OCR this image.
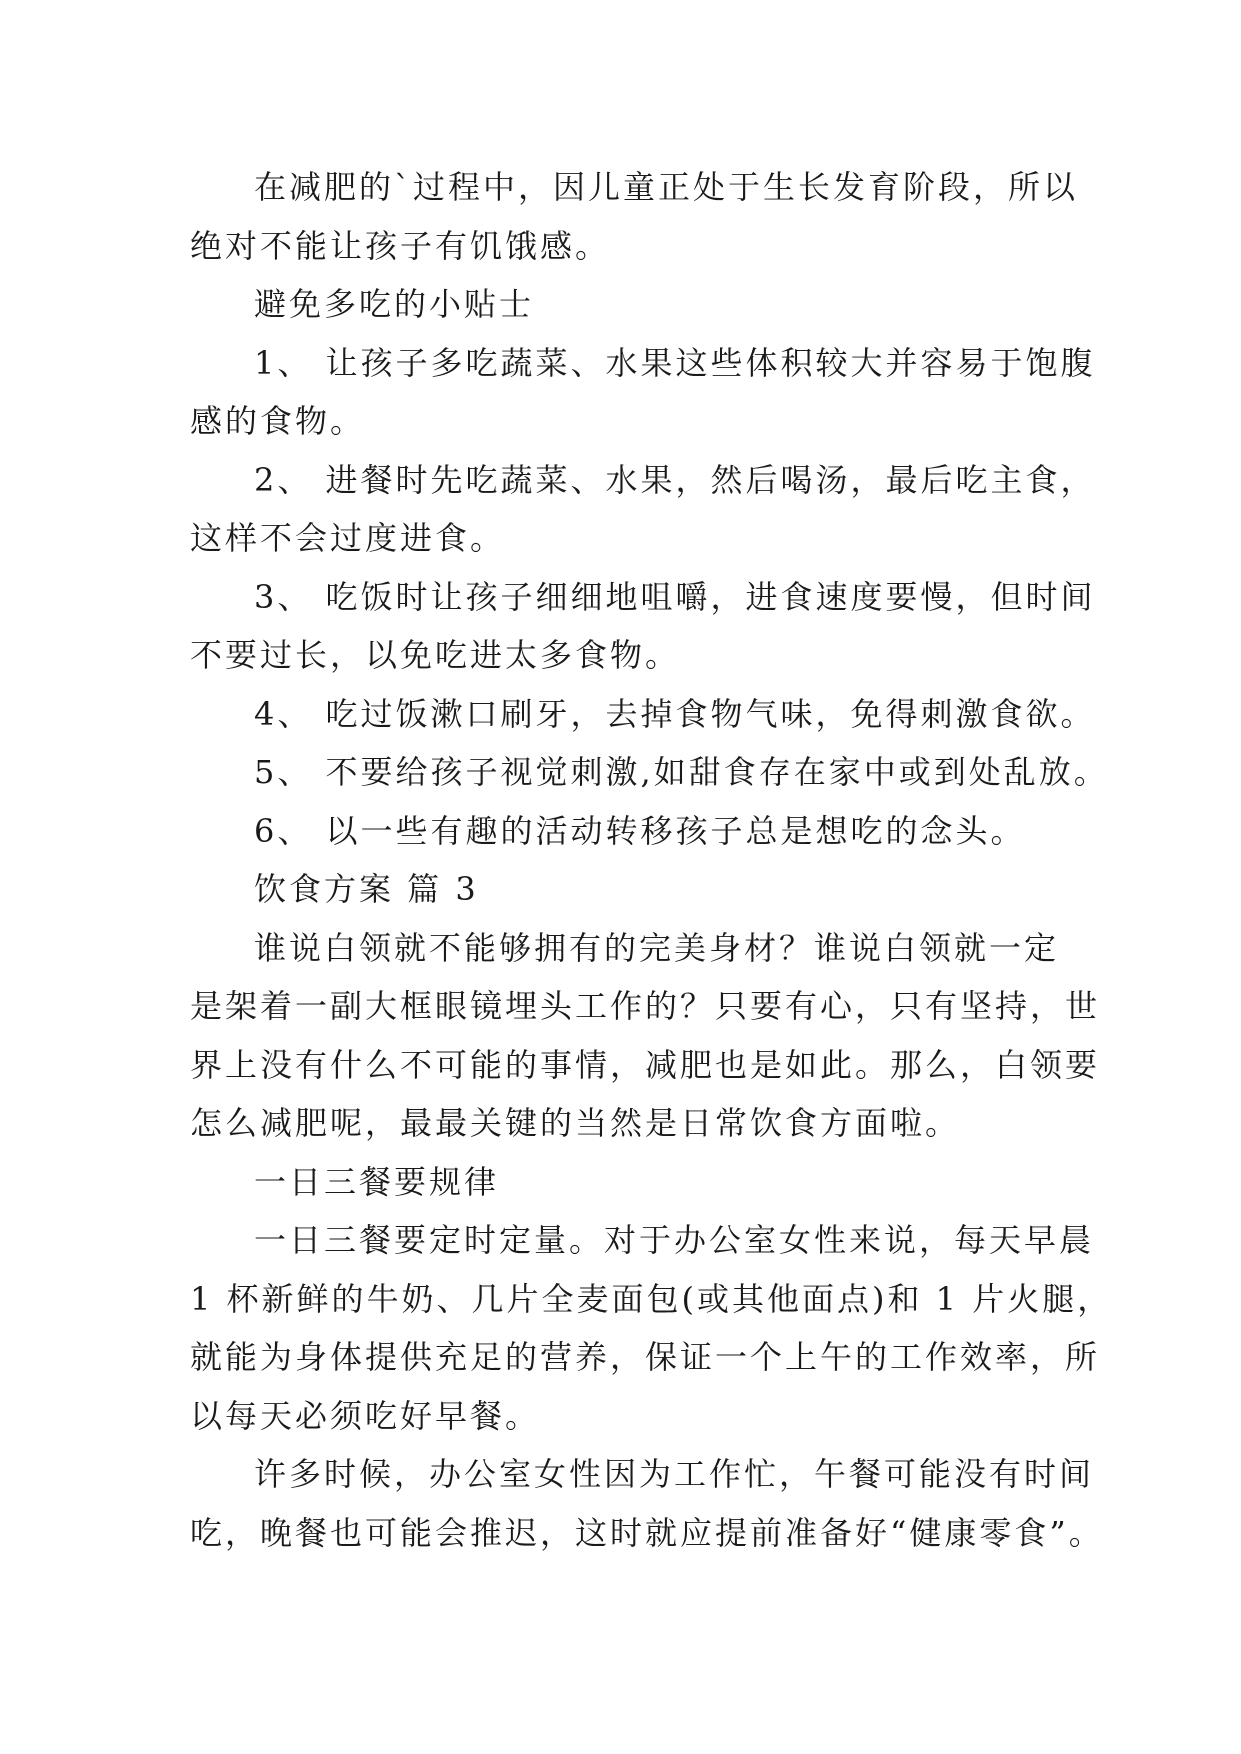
在减肥的`过程中，因儿童正处于生长发育阶段，所以
绝对不能让孩子有饥饿感。
避免多吃的小贴士
1、 让孩子多吃蔬菜、水果这些体积较大并容易于饱腹
感的食物。
2、 进餐时先吃蔬菜、水果，然后喝汤，最后吃主食，
这样不会过度进食。
3、 吃饭时让孩子细细地咀嚼，进食速度要慢，但时间
不要过长，以免吃进太多食物。
4、 吃过饭漱口刷牙，去掉食物气味，免得刺激食欲。
5、 不要给孩子视觉刺激,如甜食存在家中或到处乱放。
6、 以一些有趣的活动转移孩子总是想吃的念头。
饮食方案 篇 3
谁说白领就不能够拥有的完美身材？谁说白领就一定
是架着一副大框眼镜埋头工作的？只要有心，只有坚持，世
界上没有什么不可能的事情，减肥也是如此。那么，白领要
怎么减肥呢，最最关键的当然是日常饮食方面啦。
一日三餐要规律
一日三餐要定时定量。对于办公室女性来说，每天早晨
1 杯新鲜的牛奶、几片全麦面包(或其他面点)和 1 片火腿，
就能为身体提供充足的营养，保证一个上午的工作效率，所
以每天必须吃好早餐。
许多时候，办公室女性因为工作忙，午餐可能没有时间
吃，晚餐也可能会推迟，这时就应提前准备好“健康零食”。
